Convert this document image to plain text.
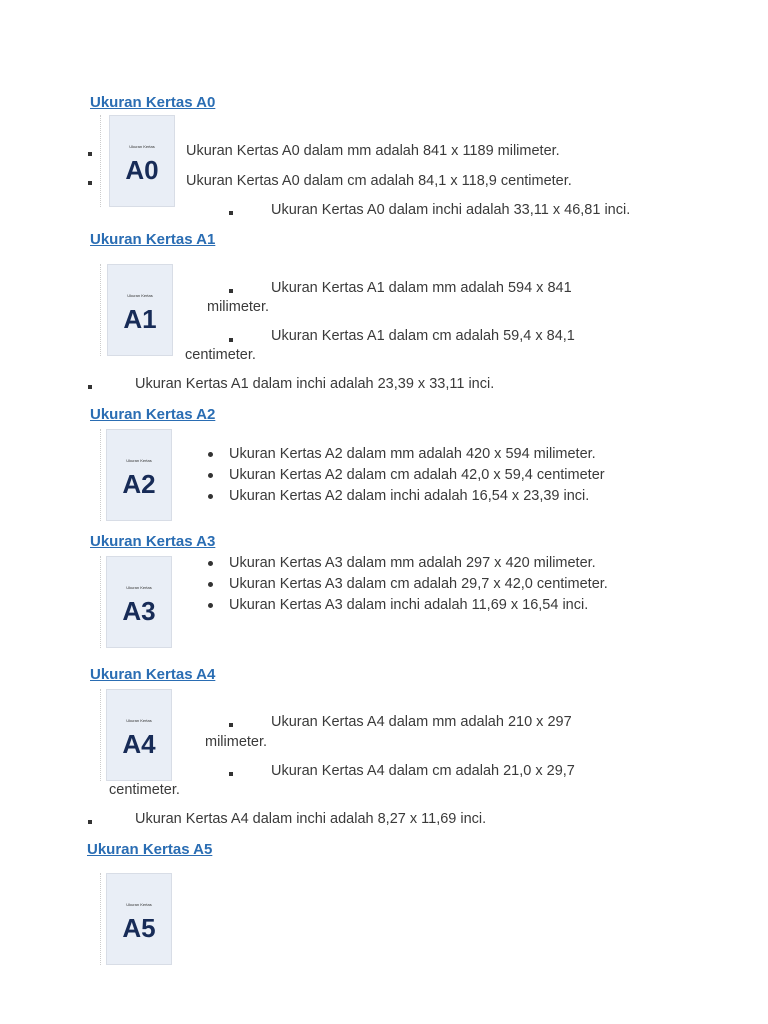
Ukuran Kertas A0
Ukuran Kertas
A0
Ukuran Kertas A0 dalam mm adalah 841 x 1189 milimeter.
Ukuran Kertas A0 dalam cm adalah 84,1 x 118,9 centimeter.
Ukuran Kertas A0 dalam inchi adalah 33,11 x 46,81 inci.
Ukuran Kertas A1
Ukuran Kertas
A1
Ukuran Kertas A1 dalam mm adalah 594 x 841
milimeter.
Ukuran Kertas A1 dalam cm adalah 59,4 x 84,1
centimeter.
Ukuran Kertas A1 dalam inchi adalah 23,39 x 33,11 inci.
Ukuran Kertas A2
Ukuran Kertas
A2
Ukuran Kertas A2 dalam mm adalah 420 x 594 milimeter.
Ukuran Kertas A2 dalam cm adalah 42,0 x 59,4 centimeter
Ukuran Kertas A2 dalam inchi adalah 16,54 x 23,39 inci.
Ukuran Kertas A3
Ukuran Kertas
A3
Ukuran Kertas A3 dalam mm adalah 297 x 420 milimeter.
Ukuran Kertas A3 dalam cm adalah 29,7 x 42,0 centimeter.
Ukuran Kertas A3 dalam inchi adalah 11,69 x 16,54 inci.
Ukuran Kertas A4
Ukuran Kertas
A4
Ukuran Kertas A4 dalam mm adalah 210 x 297
milimeter.
Ukuran Kertas A4 dalam cm adalah 21,0 x 29,7
centimeter.
Ukuran Kertas A4 dalam inchi adalah 8,27 x 11,69 inci.
Ukuran Kertas A5
Ukuran Kertas
A5
